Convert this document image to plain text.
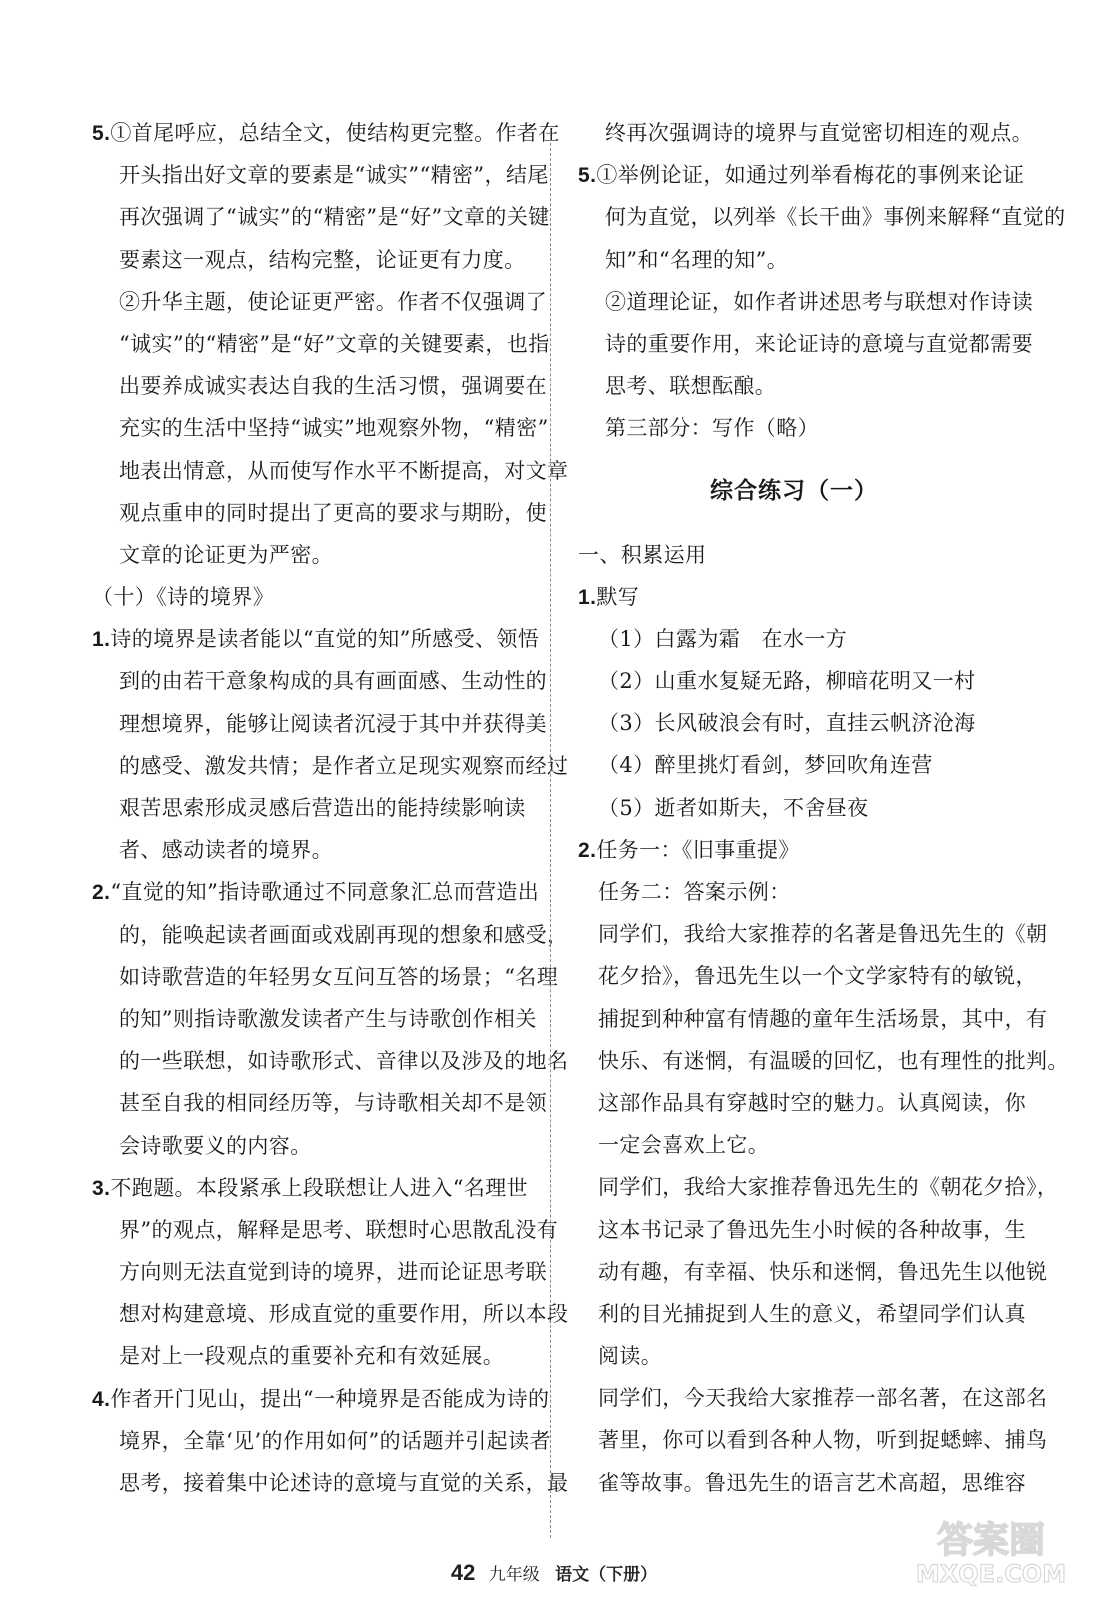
5.①首尾呼应，总结全文，使结构更完整。作者在
开头指出好文章的要素是“诚实”“精密”，结尾
再次强调了“诚实”的“精密”是“好”文章的关键
要素这一观点，结构完整，论证更有力度。
②升华主题，使论证更严密。作者不仅强调了
“诚实”的“精密”是“好”文章的关键要素，也指
出要养成诚实表达自我的生活习惯，强调要在
充实的生活中坚持“诚实”地观察外物，“精密”
地表出情意，从而使写作水平不断提高，对文章
观点重申的同时提出了更高的要求与期盼，使
文章的论证更为严密。
（十）《诗的境界》
1.诗的境界是读者能以“直觉的知”所感受、领悟
到的由若干意象构成的具有画面感、生动性的
理想境界，能够让阅读者沉浸于其中并获得美
的感受、激发共情；是作者立足现实观察而经过
艰苦思索形成灵感后营造出的能持续影响读
者、感动读者的境界。
2.“直觉的知”指诗歌通过不同意象汇总而营造出
的，能唤起读者画面或戏剧再现的想象和感受，
如诗歌营造的年轻男女互问互答的场景；“名理
的知”则指诗歌激发读者产生与诗歌创作相关
的一些联想，如诗歌形式、音律以及涉及的地名
甚至自我的相同经历等，与诗歌相关却不是领
会诗歌要义的内容。
3.不跑题。本段紧承上段联想让人进入“名理世
界”的观点，解释是思考、联想时心思散乱没有
方向则无法直觉到诗的境界，进而论证思考联
想对构建意境、形成直觉的重要作用，所以本段
是对上一段观点的重要补充和有效延展。
4.作者开门见山，提出“一种境界是否能成为诗的
境界，全靠‘见’的作用如何”的话题并引起读者
思考，接着集中论述诗的意境与直觉的关系，最
终再次强调诗的境界与直觉密切相连的观点。
5.①举例论证，如通过列举看梅花的事例来论证
何为直觉，以列举《长干曲》事例来解释“直觉的
知”和“名理的知”。
②道理论证，如作者讲述思考与联想对作诗读
诗的重要作用，来论证诗的意境与直觉都需要
思考、联想酝酿。
第三部分：写作（略）
综合练习（一）
一、积累运用
1.默写
（1）白露为霜　在水一方
（2）山重水复疑无路，柳暗花明又一村
（3）长风破浪会有时，直挂云帆济沧海
（4）醉里挑灯看剑，梦回吹角连营
（5）逝者如斯夫，不舍昼夜
2.任务一：《旧事重提》
任务二：答案示例：
同学们，我给大家推荐的名著是鲁迅先生的《朝
花夕拾》，鲁迅先生以一个文学家特有的敏锐，
捕捉到种种富有情趣的童年生活场景，其中，有
快乐、有迷惘，有温暖的回忆，也有理性的批判。
这部作品具有穿越时空的魅力。认真阅读，你
一定会喜欢上它。
同学们，我给大家推荐鲁迅先生的《朝花夕拾》，
这本书记录了鲁迅先生小时候的各种故事，生
动有趣，有幸福、快乐和迷惘，鲁迅先生以他锐
利的目光捕捉到人生的意义，希望同学们认真
阅读。
同学们，今天我给大家推荐一部名著，在这部名
著里，你可以看到各种人物，听到捉蟋蟀、捕鸟
雀等故事。鲁迅先生的语言艺术高超，思维容
42 九年级 语文（下册）
答案圈
MXQE.COM
